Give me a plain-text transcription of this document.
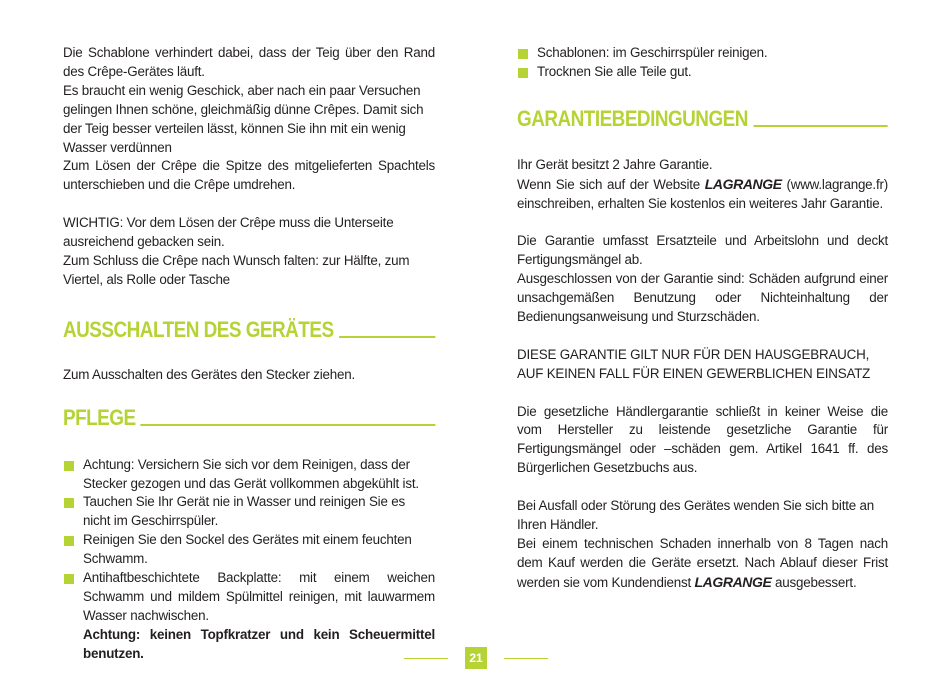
Die Schablone verhindert dabei, dass der Teig über den Rand des Crêpe-Gerätes läuft.

Es braucht ein wenig Geschick, aber nach ein paar Versuchen gelingen Ihnen schöne, gleichmäßig dünne Crêpes. Damit sich der Teig besser verteilen lässt, können Sie ihn mit ein wenig Wasser verdünnen

Zum Lösen der Crêpe die Spitze des mitgelieferten Spachtels unterschieben und die Crêpe umdrehen.

WICHTIG: Vor dem Lösen der Crêpe muss die Unterseite ausreichend gebacken sein.

Zum Schluss die Crêpe nach Wunsch falten: zur Hälfte, zum Viertel, als Rolle oder Tasche

AUSSCHALTEN DES GERÄTES

Zum Ausschalten des Gerätes den Stecker ziehen.

PFLEGE
Achtung: Versichern Sie sich vor dem Reinigen, dass der Stecker gezogen und das Gerät vollkommen abgekühlt ist.
Tauchen Sie Ihr Gerät nie in Wasser und reinigen Sie es nicht im Geschirrspüler.
Reinigen Sie den Sockel des Gerätes mit einem feuchten Schwamm.
Antihaftbeschichtete Backplatte: mit einem weichen Schwamm und mildem Spülmittel reinigen, mit lauwarmem Wasser nachwischen.
Achtung: keinen Topfkratzer und kein Scheuermittel benutzen.
Schablonen: im Geschirrspüler reinigen.
Trocknen Sie alle Teile gut.
GARANTIEBEDINGUNGEN

Ihr Gerät besitzt 2 Jahre Garantie.

Wenn Sie sich auf der Website LAGRANGE (www.lagrange.fr) einschreiben, erhalten Sie kostenlos ein weiteres Jahr Garantie.

Die Garantie umfasst Ersatzteile und Arbeitslohn und deckt Fertigungsmängel ab.

Ausgeschlossen von der Garantie sind: Schäden aufgrund einer unsachgemäßen Benutzung oder Nichteinhaltung der Bedienungsanweisung und Sturzschäden.

DIESE GARANTIE GILT NUR FÜR DEN HAUSGEBRAUCH, AUF KEINEN FALL FÜR EINEN GEWERBLICHEN EINSATZ

Die gesetzliche Händlergarantie schließt in keiner Weise die vom Hersteller zu leistende gesetzliche Garantie für Fertigungsmängel oder –schäden gem. Artikel 1641 ff. des Bürgerlichen Gesetzbuchs aus.

Bei Ausfall oder Störung des Gerätes wenden Sie sich bitte an Ihren Händler.

Bei einem technischen Schaden innerhalb von 8 Tagen nach dem Kauf werden die Geräte ersetzt. Nach Ablauf dieser Frist werden sie vom Kundendienst LAGRANGE ausgebessert.

21
